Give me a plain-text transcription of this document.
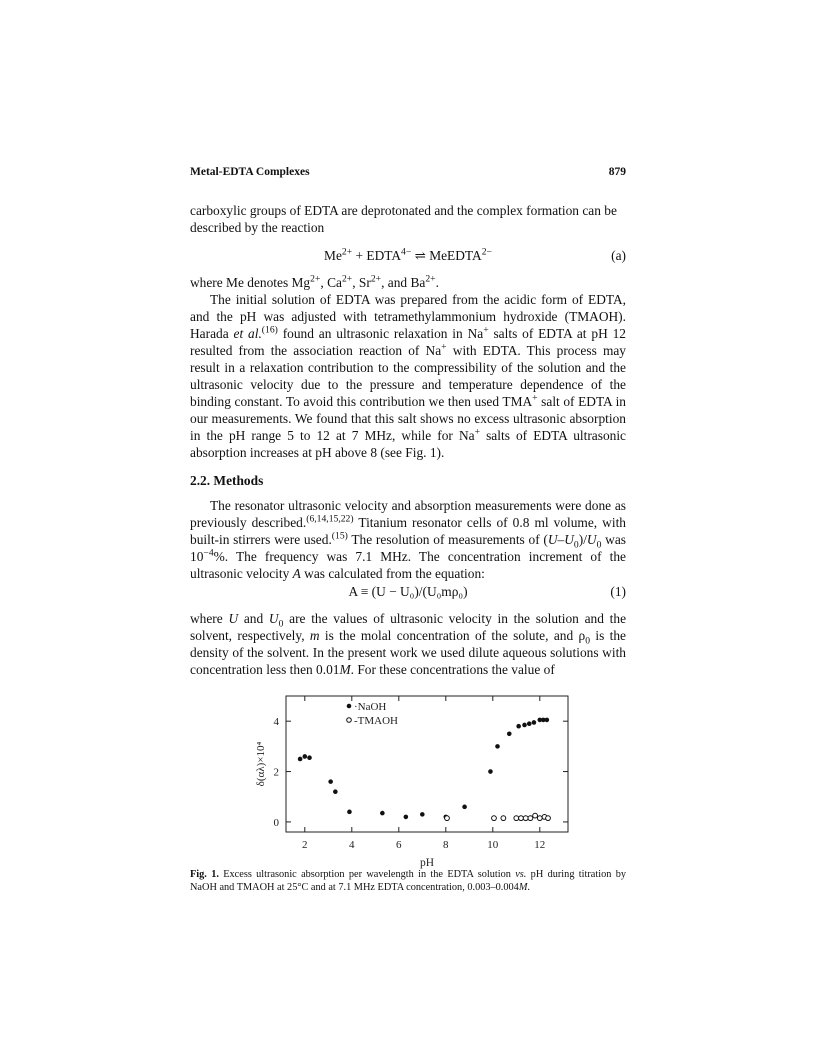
Metal-EDTA Complexes	879

carboxylic groups of EDTA are deprotonated and the complex formation can be described by the reaction

$Me^{2+}$ + $EDTA^{4-}$ ⇌ MeEDTA$^{2-}$	(a)

where Me denotes $Mg^{2+}$, $Ca^{2+}$, $Sr^{2+}$, and $Ba^{2+}$.

The initial solution of EDTA was prepared from the acidic form of EDTA, and the pH was adjusted with tetramethylammonium hydroxide (TMAOH). Harada et al.$^{(16)}$ found an ultrasonic relaxation in Na+ salts of EDTA at pH 12 resulted from the association reaction of Na+ with EDTA. This process may result in a relaxation contribution to the compressibility of the solution and the ultrasonic velocity due to the pressure and temperature dependence of the binding constant. To avoid this contribution we then used TMA+ salt of EDTA in our measurements. We found that this salt shows no excess ultrasonic absorption in the pH range 5 to 12 at 7 MHz, while for Na+ salts of EDTA ultrasonic absorption increases at pH above 8 (see Fig. 1).

2.2. Methods

The resonator ultrasonic velocity and absorption measurements were done as previously described.$^{(6,14,15,22)}$ Titanium resonator cells of 0.8 ml volume, with built-in stirrers were used.$^{(15)}$ The resolution of measurements of $(U-U_0)/U_0$ was $10^{-4}\%$. The frequency was 7.1 MHz. The concentration increment of the ultrasonic velocity A was calculated from the equation:

A ≡ (U − U₀)/(U₀mρ₀)	(1)

where U and $U_0$ are the values of ultrasonic velocity in the solution and the solvent, respectively, m is the molal concentration of the solute, and $\rho_0$ is the density of the solvent. In the present work we used dilute aqueous solutions with concentration less then 0.01M. For these concentrations the value of

2	4	6	8	10	12
0
2
4
pH
δ(αλ)×10⁴
·NaOH
-TMAOH
Fig. 1. Excess ultrasonic absorption per wavelength in the EDTA solution vs. pH during titration by NaOH and TMAOH at 25°C and at 7.1 MHz EDTA concentration, 0.003–0.004M.
